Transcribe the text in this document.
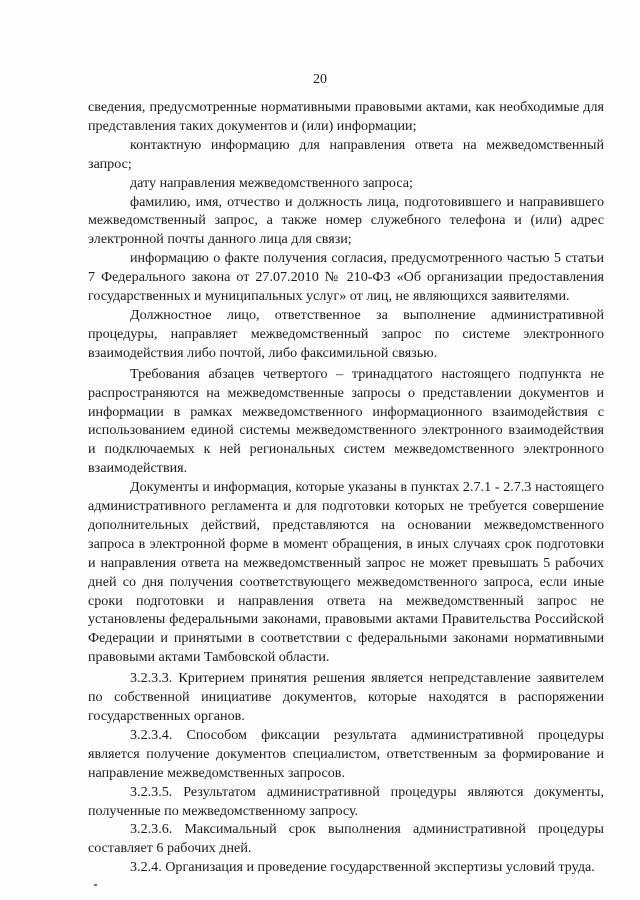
20

сведения, предусмотренные нормативными правовыми актами, как необходимые для представления таких документов и (или) информации;

контактную информацию для направления ответа на межведомственный запрос;

дату направления межведомственного запроса;

фамилию, имя, отчество и должность лица, подготовившего и направившего межведомственный запрос, а также номер служебного телефона и (или) адрес электронной почты данного лица для связи;

информацию о факте получения согласия, предусмотренного частью 5 статьи 7 Федерального закона от 27.07.2010 № 210-ФЗ «Об организации предоставления государственных и муниципальных услуг» от лиц, не являющихся заявителями.

Должностное лицо, ответственное за выполнение административной процедуры, направляет межведомственный запрос по системе электронного взаимодействия либо почтой, либо факсимильной связью.

Требования абзацев четвертого – тринадцатого настоящего подпункта не распространяются на межведомственные запросы о представлении документов и информации в рамках межведомственного информационного взаимодействия с использованием единой системы межведомственного электронного взаимодействия и подключаемых к ней региональных систем межведомственного электронного взаимодействия.

Документы и информация, которые указаны в пунктах 2.7.1 - 2.7.3 настоящего административного регламента и для подготовки которых не требуется совершение дополнительных действий, представляются на основании межведомственного запроса в электронной форме в момент обращения, в иных случаях срок подготовки и направления ответа на межведомственный запрос не может превышать 5 рабочих дней со дня получения соответствующего межведомственного запроса, если иные сроки подготовки и направления ответа на межведомственный запрос не установлены федеральными законами, правовыми актами Правительства Российской Федерации и принятыми в соответствии с федеральными законами нормативными правовыми актами Тамбовской области.

3.2.3.3. Критерием принятия решения является непредставление заявителем по собственной инициативе документов, которые находятся в распоряжении государственных органов.

3.2.3.4. Способом фиксации результата административной процедуры является получение документов специалистом, ответственным за формирование и направление межведомственных запросов.

3.2.3.5. Результатом административной процедуры являются документы, полученные по межведомственному запросу.

3.2.3.6. Максимальный срок выполнения административной процедуры составляет 6 рабочих дней.

3.2.4. Организация и проведение государственной экспертизы условий труда.
